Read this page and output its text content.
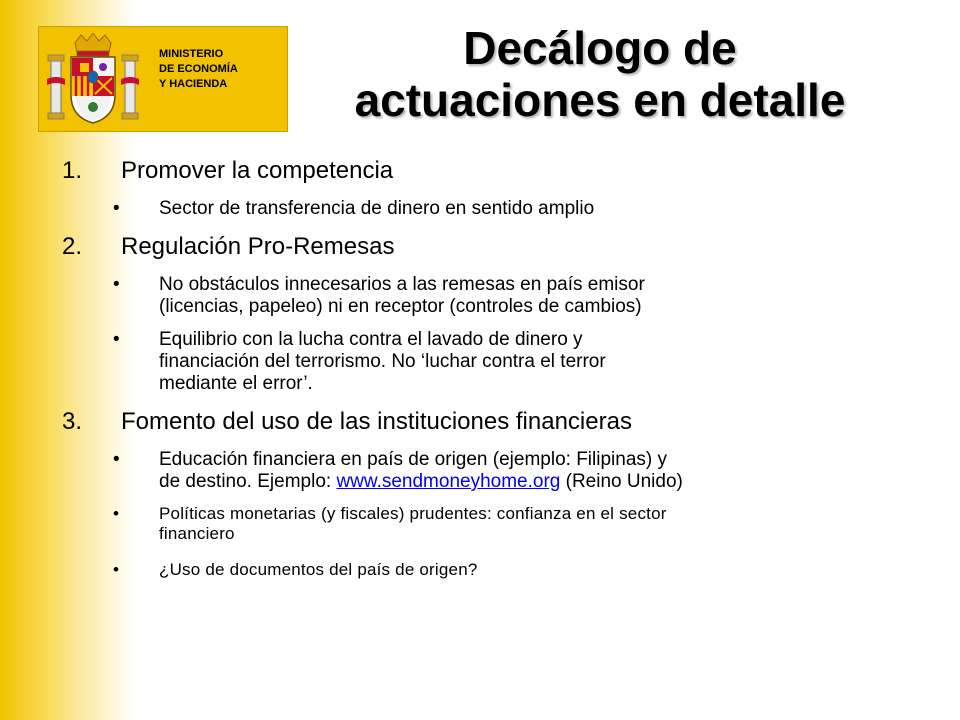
MINISTERIO
DE ECONOMÍA
Y HACIENDA
Decálogo de
actuaciones en detalle
1.	Promover la competencia
• Sector de transferencia de dinero en sentido amplio
2.	Regulación Pro-Remesas
• No obstáculos innecesarios a las remesas en país emisor
(licencias, papeleo) ni en receptor (controles de cambios)
• Equilibrio con la lucha contra el lavado de dinero y
financiación del terrorismo. No ‘luchar contra el terror
mediante el error’.
3.	Fomento del uso de las instituciones financieras
• Educación financiera en país de origen (ejemplo: Filipinas) y
de destino. Ejemplo: www.sendmoneyhome.org (Reino Unido)
• Políticas monetarias (y fiscales) prudentes: confianza en el sector
financiero
• ¿Uso de documentos del país de origen?
